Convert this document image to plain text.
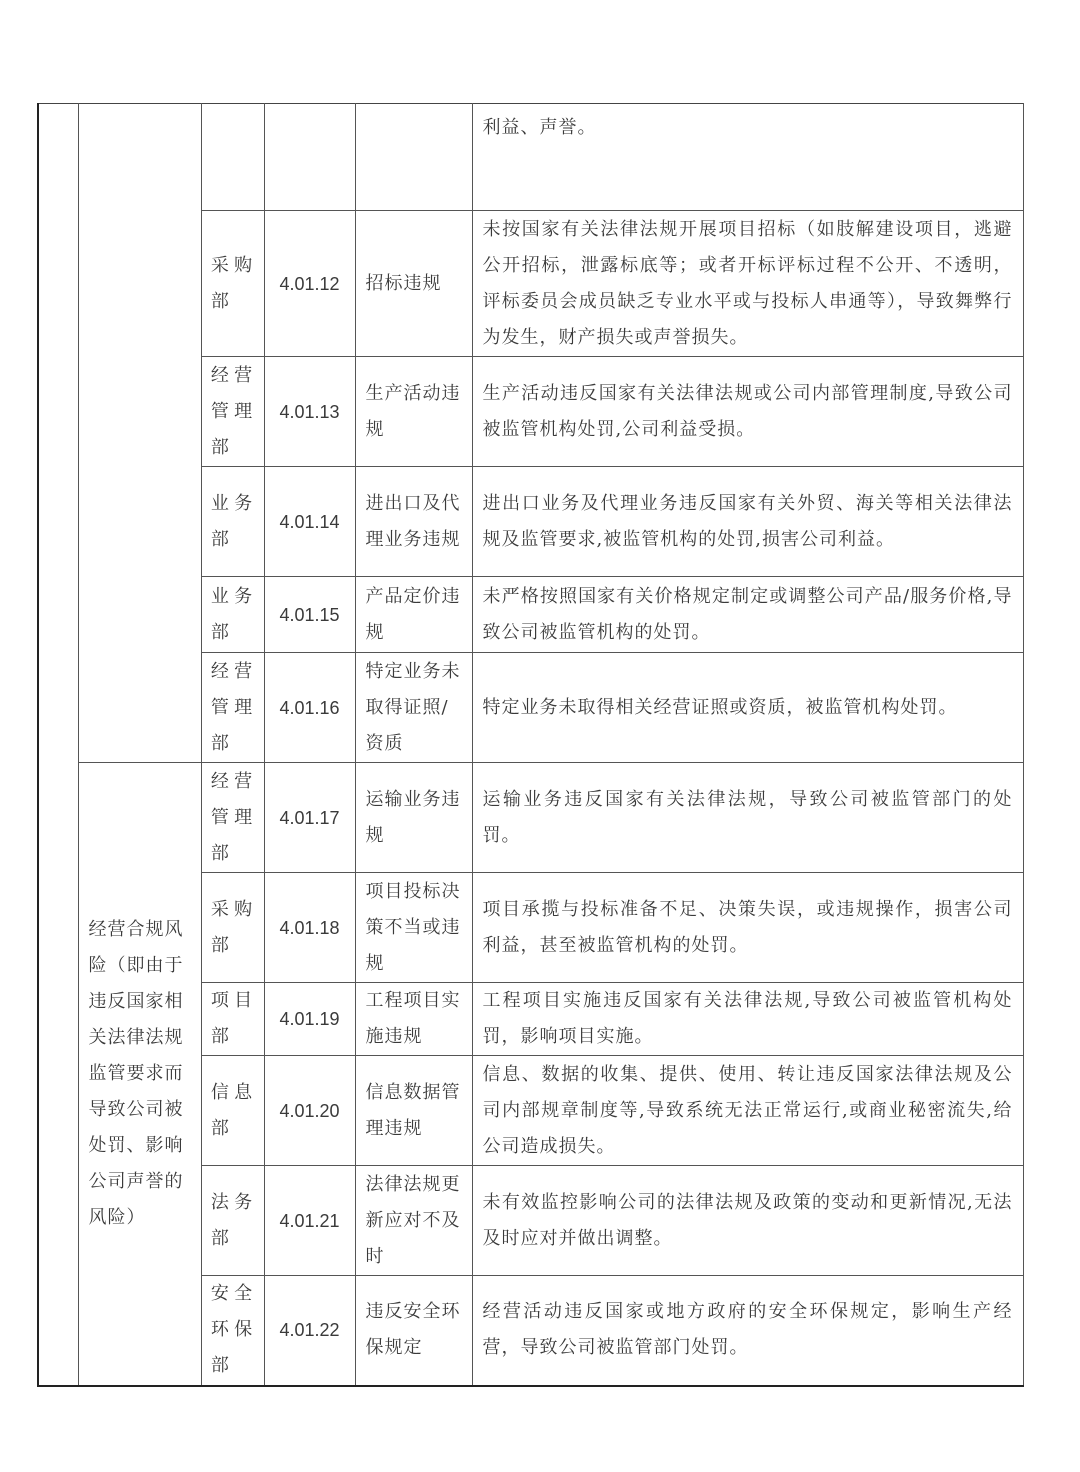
					利益、声誉。
		采购部	4.01.12	招标违规	未按国家有关法律法规开展项目招标（如肢解建设项目，逃避公开招标，泄露标底等；或者开标评标过程不公开、不透明，评标委员会成员缺乏专业水平或与投标人串通等），导致舞弊行为发生，财产损失或声誉损失。
		经营管理部	4.01.13	生产活动违规	生产活动违反国家有关法律法规或公司内部管理制度,导致公司被监管机构处罚,公司利益受损。
		业务部	4.01.14	进出口及代理业务违规	进出口业务及代理业务违反国家有关外贸、海关等相关法律法规及监管要求,被监管机构的处罚,损害公司利益。
		业务部	4.01.15	产品定价违规	未严格按照国家有关价格规定制定或调整公司产品/服务价格,导致公司被监管机构的处罚。
		经营管理部	4.01.16	特定业务未取得证照/资质	特定业务未取得相关经营证照或资质，被监管机构处罚。
	经营合规风险（即由于违反国家相关法律法规监管要求而导致公司被处罚、影响公司声誉的风险）	经营管理部	4.01.17	运输业务违规	运输业务违反国家有关法律法规，导致公司被监管部门的处罚。
		采购部	4.01.18	项目投标决策不当或违规	项目承揽与投标准备不足、决策失误，或违规操作，损害公司利益，甚至被监管机构的处罚。
		项目部	4.01.19	工程项目实施违规	工程项目实施违反国家有关法律法规,导致公司被监管机构处罚，影响项目实施。
		信息部	4.01.20	信息数据管理违规	信息、数据的收集、提供、使用、转让违反国家法律法规及公司内部规章制度等,导致系统无法正常运行,或商业秘密流失,给公司造成损失。
		法务部	4.01.21	法律法规更新应对不及时	未有效监控影响公司的法律法规及政策的变动和更新情况,无法及时应对并做出调整。
		安全环保部	4.01.22	违反安全环保规定	经营活动违反国家或地方政府的安全环保规定，影响生产经营，导致公司被监管部门处罚。
